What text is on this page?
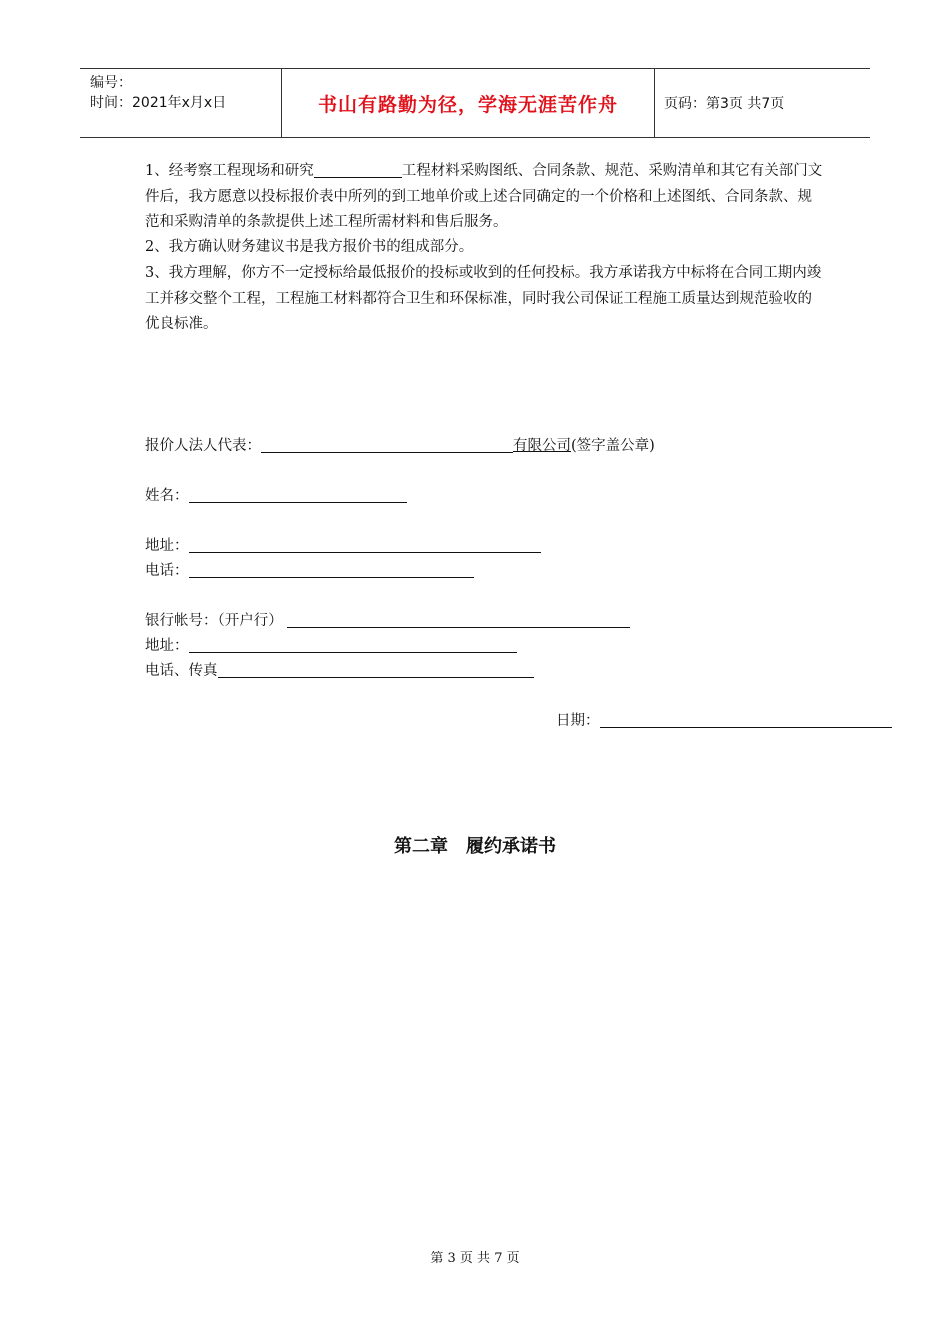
编号：
时间：2021年x月x日	书山有路勤为径，学海无涯苦作舟	页码：第3页 共7页
1、经考察工程现场和研究	工程材料采购图纸、合同条款、规范、采购清单和其它有关部门文件后，我方愿意以投标报价表中所列的到工地单价或上述合同确定的一个价格和上述图纸、合同条款、规范和采购清单的条款提供上述工程所需材料和售后服务。
2、我方确认财务建议书是我方报价书的组成部分。
3、我方理解，你方不一定授标给最低报价的投标或收到的任何投标。我方承诺我方中标将在合同工期内竣工并移交整个工程，工程施工材料都符合卫生和环保标准，同时我公司保证工程施工质量达到规范验收的优良标准。
报价人法人代表：	有限公司(签字盖公章)
姓名：
地址：
电话：
银行帐号：（开户行）
地址：
电话、传真
日期：
第二章　履约承诺书
第 3 页 共 7 页
